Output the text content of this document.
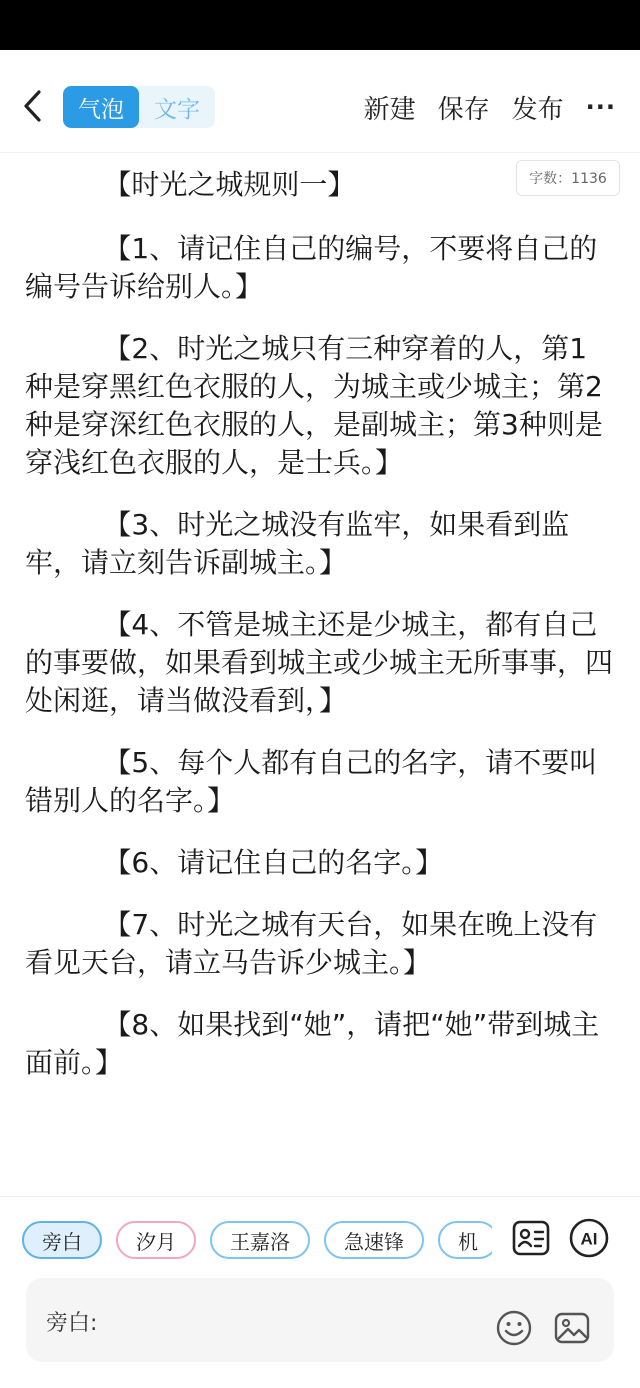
气泡	文字	新建 保存 发布 ···
字数：1136

【时光之城规则一】

【1、请记住自己的编号，不要将自己的编号告诉给别人。】

【2、时光之城只有三种穿着的人，第1种是穿黑红色衣服的人，为城主或少城主；第2种是穿深红色衣服的人，是副城主；第3种则是穿浅红色衣服的人，是士兵。】

【3、时光之城没有监牢，如果看到监牢，请立刻告诉副城主。】

【4、不管是城主还是少城主，都有自己的事要做，如果看到城主或少城主无所事事，四处闲逛，请当做没看到，】

【5、每个人都有自己的名字，请不要叫错别人的名字。】

【6、请记住自己的名字。】

【7、时光之城有天台，如果在晚上没有看见天台，请立马告诉少城主。】

【8、如果找到“她”，请把“她”带到城主面前。】

旁白	汐月	王嘉洛	急速锋	机	AI
旁白:
